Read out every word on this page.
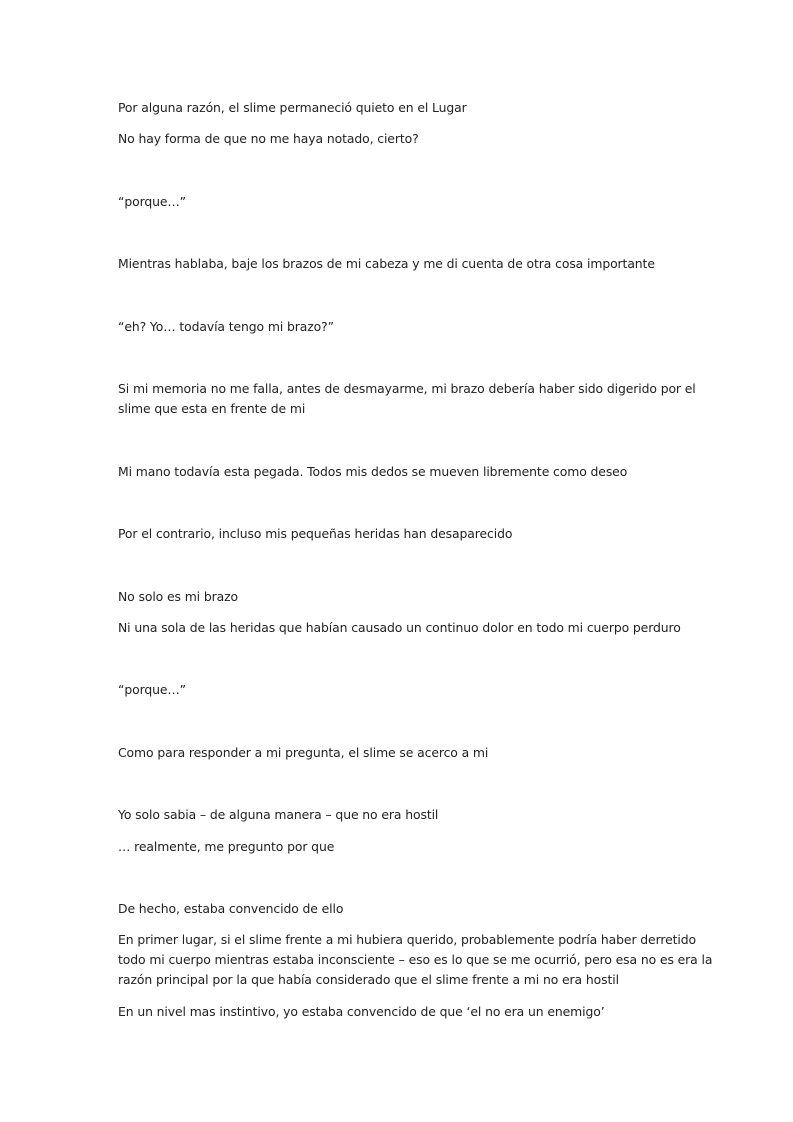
Por alguna razón, el slime permaneció quieto en el Lugar

No hay forma de que no me haya notado, cierto?

“porque…”

Mientras hablaba, baje los brazos de mi cabeza y me di cuenta de otra cosa importante

“eh? Yo… todavía tengo mi brazo?”

Si mi memoria no me falla, antes de desmayarme, mi brazo debería haber sido digerido por el slime que esta en frente de mi

Mi mano todavía esta pegada. Todos mis dedos se mueven libremente como deseo

Por el contrario, incluso mis pequeñas heridas han desaparecido

No solo es mi brazo

Ni una sola de las heridas que habían causado un continuo dolor en todo mi cuerpo perduro

“porque…”

Como para responder a mi pregunta, el slime se acerco a mi

Yo solo sabia – de alguna manera – que no era hostil

… realmente, me pregunto por que

De hecho, estaba convencido de ello

En primer lugar, si el slime frente a mi hubiera querido, probablemente podría haber derretido todo mi cuerpo mientras estaba inconsciente – eso es lo que se me ocurrió, pero esa no es era la razón principal por la que había considerado que el slime frente a mi no era hostil

En un nivel mas instintivo, yo estaba convencido de que ‘el no era un enemigo’
